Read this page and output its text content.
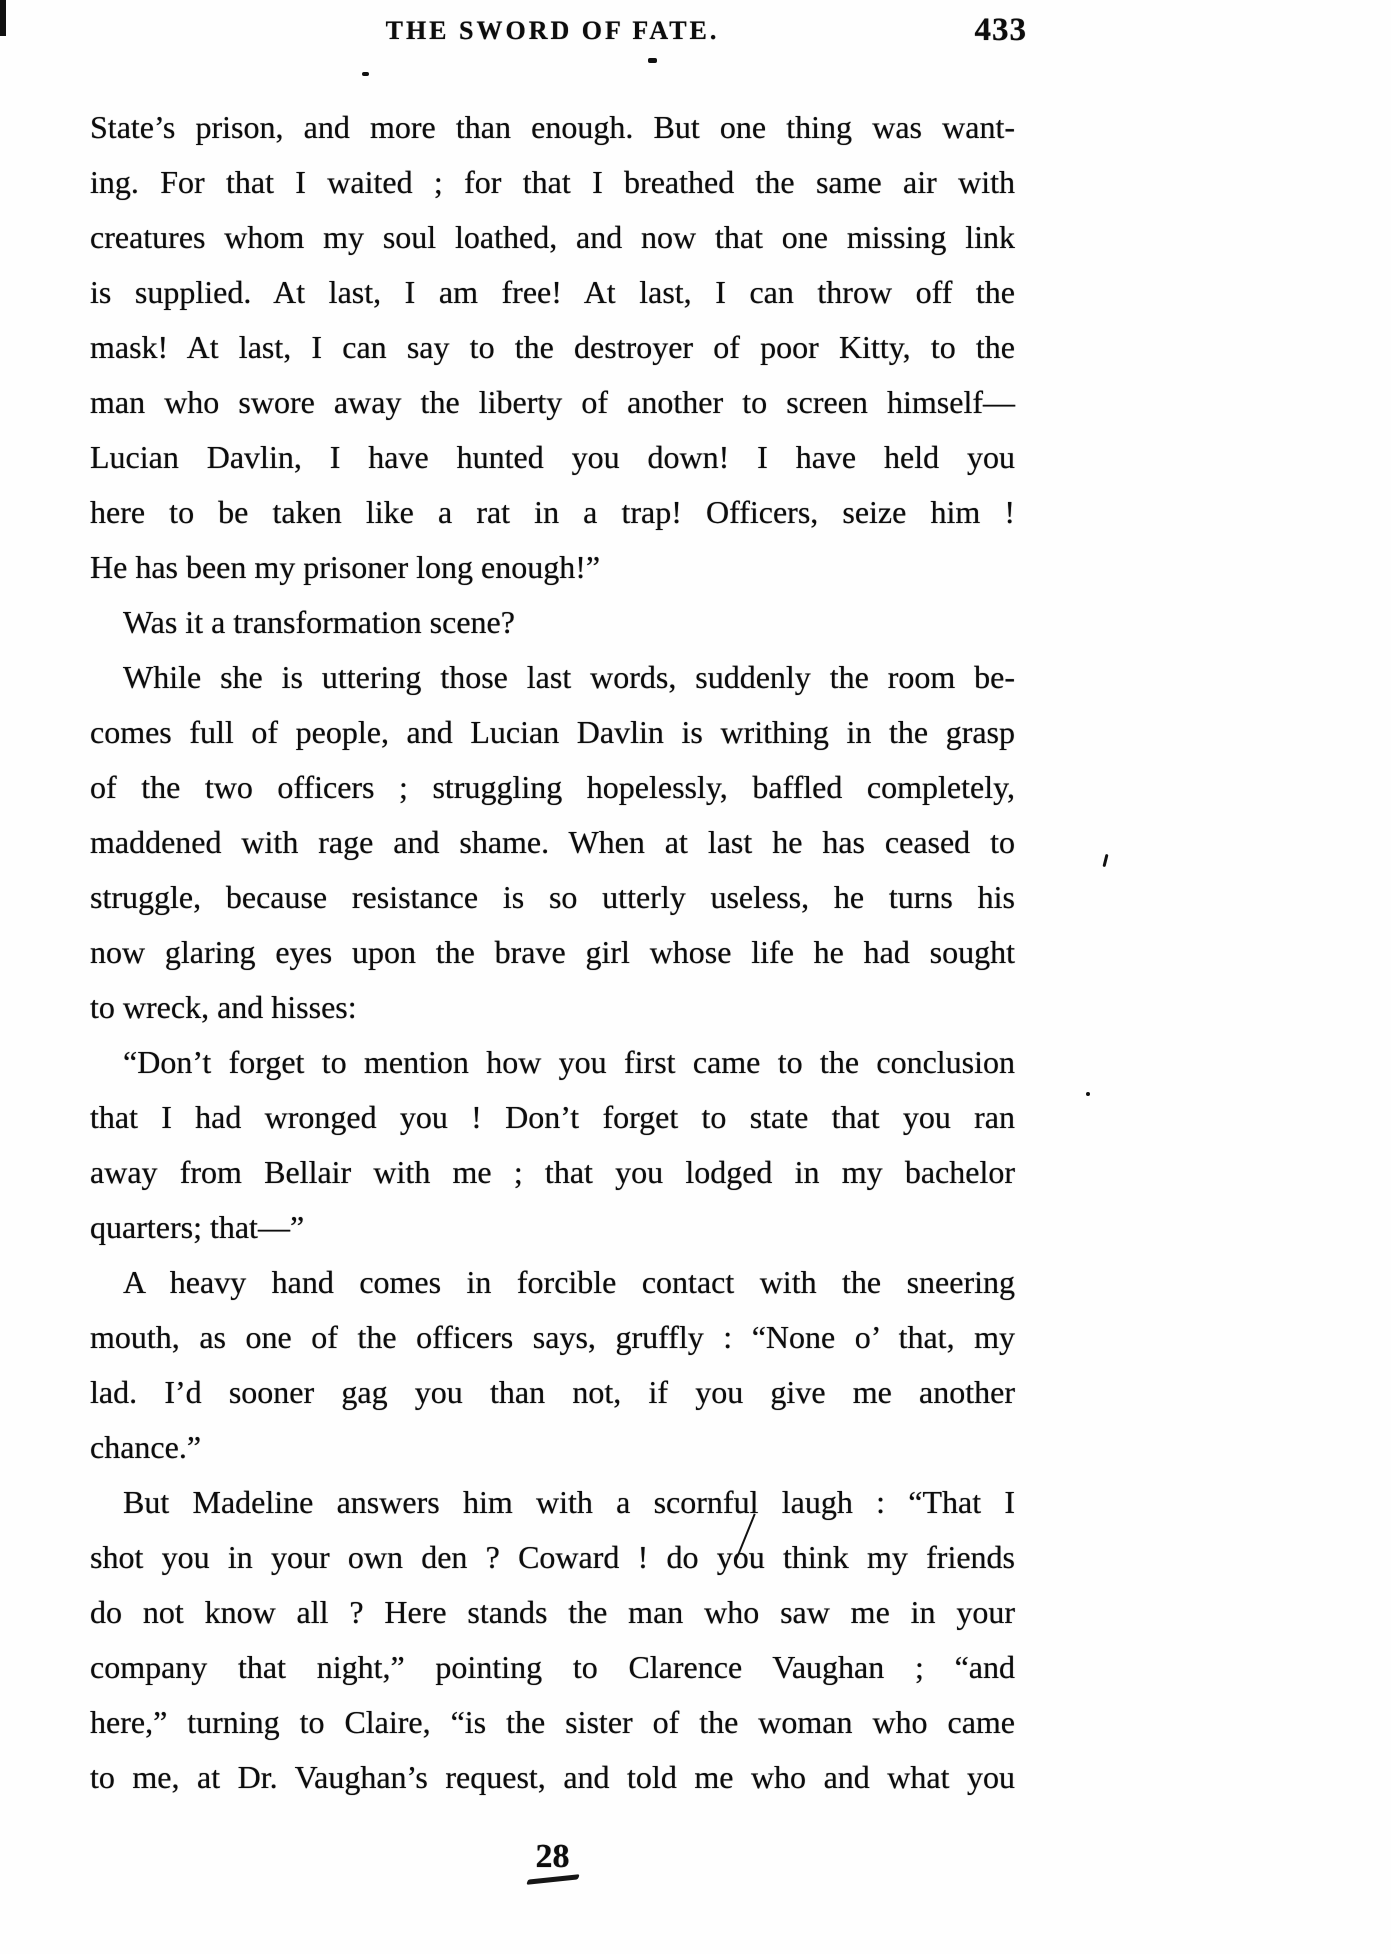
THE SWORD OF FATE.	433

State’s prison, and more than enough. But one thing was want-
ing. For that I waited ; for that I breathed the same air with
creatures whom my soul loathed, and now that one missing link
is supplied. At last, I am free! At last, I can throw off the
mask! At last, I can say to the destroyer of poor Kitty, to the
man who swore away the liberty of another to screen himself—
Lucian Davlin, I have hunted you down! I have held you
here to be taken like a rat in a trap! Officers, seize him !
He has been my prisoner long enough!”

Was it a transformation scene?

While she is uttering those last words, suddenly the room be-
comes full of people, and Lucian Davlin is writhing in the grasp
of the two officers ; struggling hopelessly, baffled completely,
maddened with rage and shame. When at last he has ceased to
struggle, because resistance is so utterly useless, he turns his
now glaring eyes upon the brave girl whose life he had sought
to wreck, and hisses:

“Don’t forget to mention how you first came to the conclusion
that I had wronged you ! Don’t forget to state that you ran
away from Bellair with me ; that you lodged in my bachelor
quarters; that—”

A heavy hand comes in forcible contact with the sneering
mouth, as one of the officers says, gruffly : “None o’ that, my
lad. I’d sooner gag you than not, if you give me another
chance.”

But Madeline answers him with a scornful laugh : “That I
shot you in your own den ? Coward ! do you think my friends
do not know all ? Here stands the man who saw me in your
company that night,” pointing to Clarence Vaughan ; “and
here,” turning to Claire, “is the sister of the woman who came
to me, at Dr. Vaughan’s request, and told me who and what you

28
